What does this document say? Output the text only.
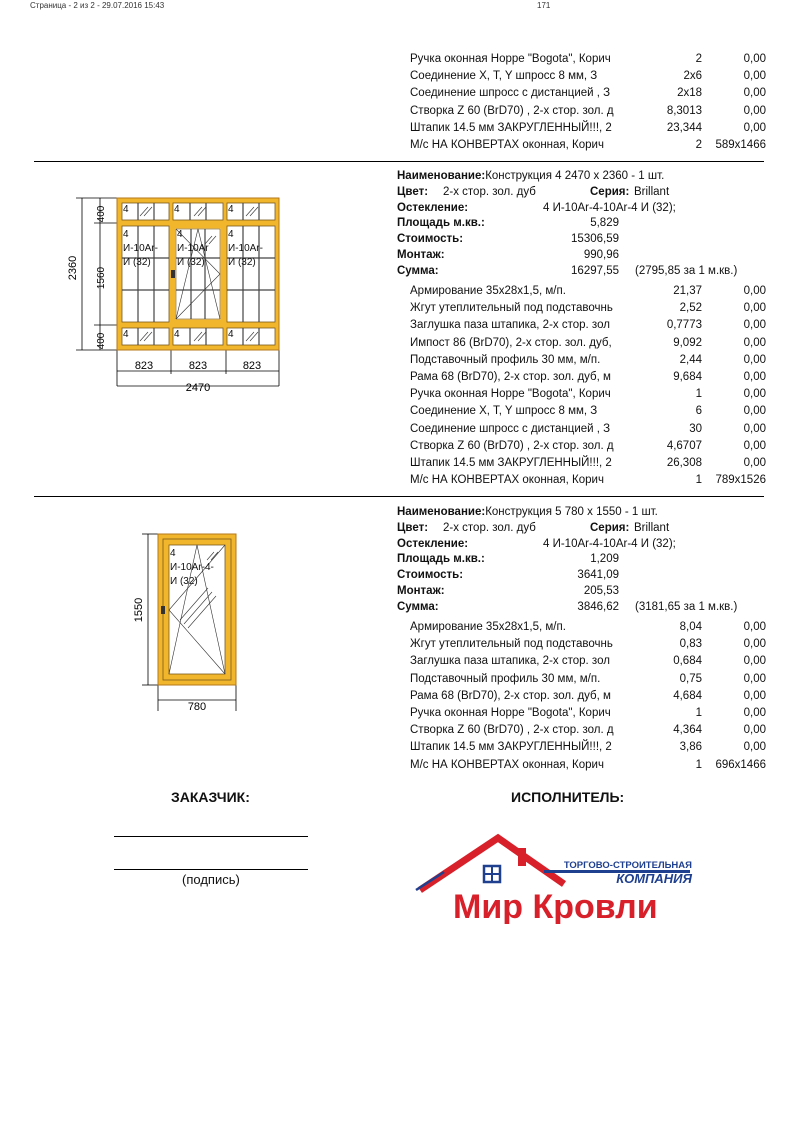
Страница - 2 из 2 - 29.07.2016 15:43	171
Ручка оконная Hoppe "Bogota", Корич	2	0,00
Соединение X, T, Y шпросс 8 мм, З	2x6	0,00
Соединение шпросс с дистанцией , З	2x18	0,00
Створка Z 60 (BrD70) , 2-х стор. зол. д	8,3013	0,00
Штапик 14.5 мм ЗАКРУГЛЕННЫЙ!!!, 2	23,344	0,00
М/с НА КОНВЕРТАХ оконная, Корич	2 589x1466
Наименование:Конструкция 4 2470 x 2360 - 1 шт.
Цвет: 2-х стор. зол. дуб	Серия: Brillant
Остекление:	4 И-10Аr-4-10Аr-4 И (32);
Площадь м.кв.:	5,829
Стоимость:	15306,59
Монтаж:	990,96
Сумма:	16297,55 (2795,85 за 1 м.кв.)
Армирование 35x28x1,5, м/п.	21,37	0,00
Жгут утеплительный под подставочнь	2,52	0,00
Заглушка паза штапика, 2-х стор. зол	0,7773	0,00
Импост 86 (BrD70), 2-х стор. зол. дуб,	9,092	0,00
Подставочный профиль 30 мм, м/п.	2,44	0,00
Рама 68 (BrD70), 2-х стор. зол. дуб, м	9,684	0,00
Ручка оконная Hoppe "Bogota", Корич	1	0,00
Соединение X, T, Y шпросс 8 мм, З	6	0,00
Соединение шпросс с дистанцией , З	30	0,00
Створка Z 60 (BrD70) , 2-х стор. зол. д	4,6707	0,00
Штапик 14.5 мм ЗАКРУГЛЕННЫЙ!!!, 2	26,308	0,00
М/с НА КОНВЕРТАХ оконная, Корич	1 789x1526
2360
400
1560
400
823	823	823
2470
4	4	4
4	4	4
4
И-10Аr-
И (32)
4
И-10Аr
И (32)
4
И-10Аr-
И (32)
Наименование:Конструкция 5 780 x 1550 - 1 шт.
Цвет: 2-х стор. зол. дуб	Серия: Brillant
Остекление:	4 И-10Аr-4-10Аr-4 И (32);
Площадь м.кв.:	1,209
Стоимость:	3641,09
Монтаж:	205,53
Сумма:	3846,62 (3181,65 за 1 м.кв.)
Армирование 35x28x1,5, м/п.	8,04	0,00
Жгут утеплительный под подставочнь	0,83	0,00
Заглушка паза штапика, 2-х стор. зол	0,684	0,00
Подставочный профиль 30 мм, м/п.	0,75	0,00
Рама 68 (BrD70), 2-х стор. зол. дуб, м	4,684	0,00
Ручка оконная Hoppe "Bogota", Корич	1	0,00
Створка Z 60 (BrD70) , 2-х стор. зол. д	4,364	0,00
Штапик 14.5 мм ЗАКРУГЛЕННЫЙ!!!, 2	3,86	0,00
М/с НА КОНВЕРТАХ оконная, Корич	1 696x1466
1550
780
4
И-10Аr-4-
И (32)
ЗАКАЗЧИК:	ИСПОЛНИТЕЛЬ:
(подпись)
ТОРГОВО-СТРОИТЕЛЬНАЯ
КОМПАНИЯ
Мир Кровли
